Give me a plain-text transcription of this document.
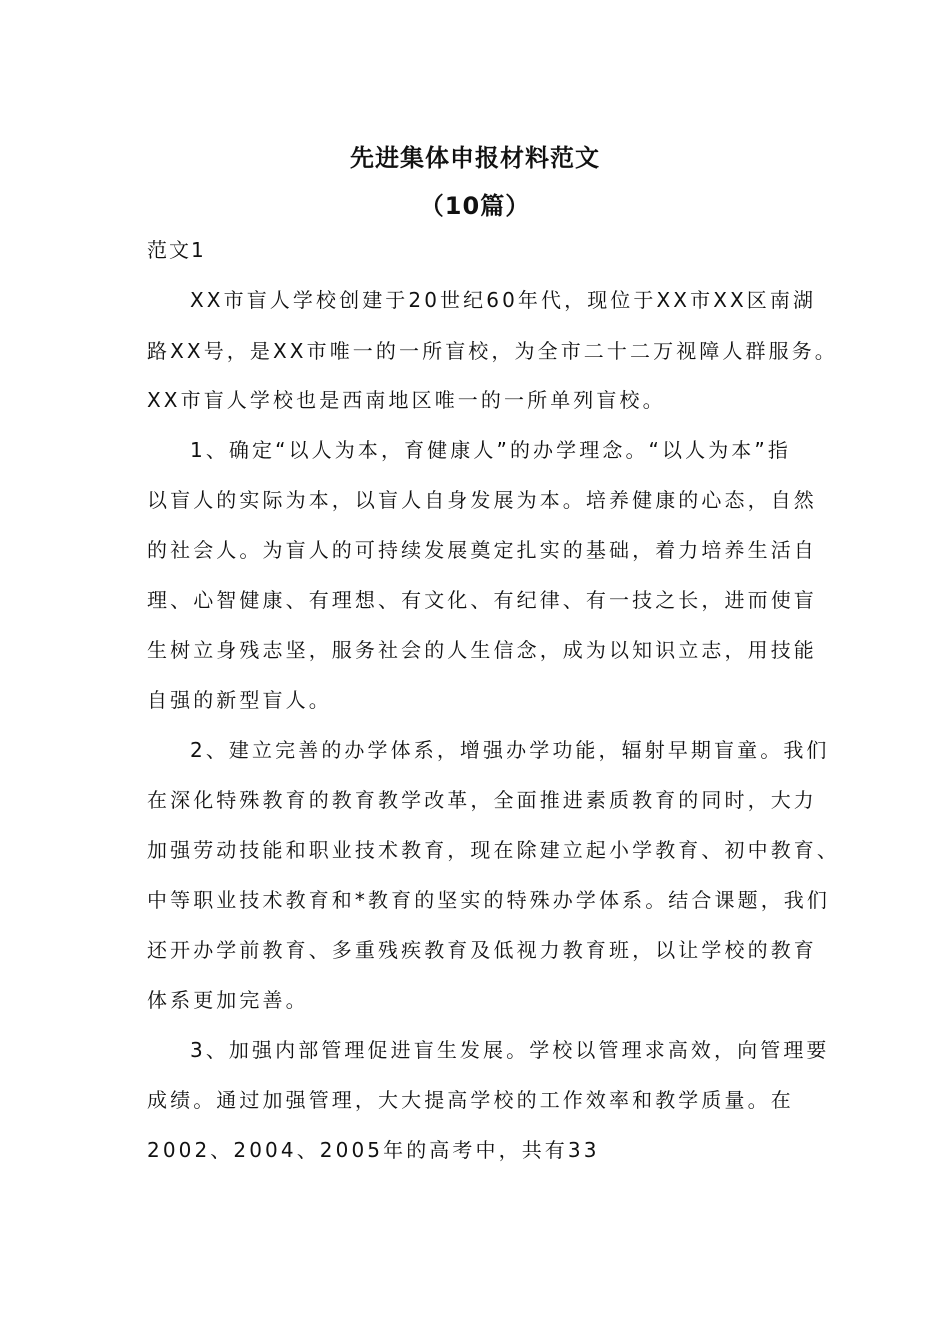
先进集体申报材料范文
（10篇）
范文1
XX市盲人学校创建于20世纪60年代，现位于XX市XX区南湖
路XX号，是XX市唯一的一所盲校，为全市二十二万视障人群服务。
XX市盲人学校也是西南地区唯一的一所单列盲校。
1、确定“以人为本，育健康人”的办学理念。“以人为本”指
以盲人的实际为本，以盲人自身发展为本。培养健康的心态，自然
的社会人。为盲人的可持续发展奠定扎实的基础，着力培养生活自
理、心智健康、有理想、有文化、有纪律、有一技之长，进而使盲
生树立身残志坚，服务社会的人生信念，成为以知识立志，用技能
自强的新型盲人。
2、建立完善的办学体系，增强办学功能，辐射早期盲童。我们
在深化特殊教育的教育教学改革，全面推进素质教育的同时，大力
加强劳动技能和职业技术教育，现在除建立起小学教育、初中教育、
中等职业技术教育和*教育的坚实的特殊办学体系。结合课题，我们
还开办学前教育、多重残疾教育及低视力教育班，以让学校的教育
体系更加完善。
3、加强内部管理促进盲生发展。学校以管理求高效，向管理要
成绩。通过加强管理，大大提高学校的工作效率和教学质量。在
2002、2004、2005年的高考中，共有33
